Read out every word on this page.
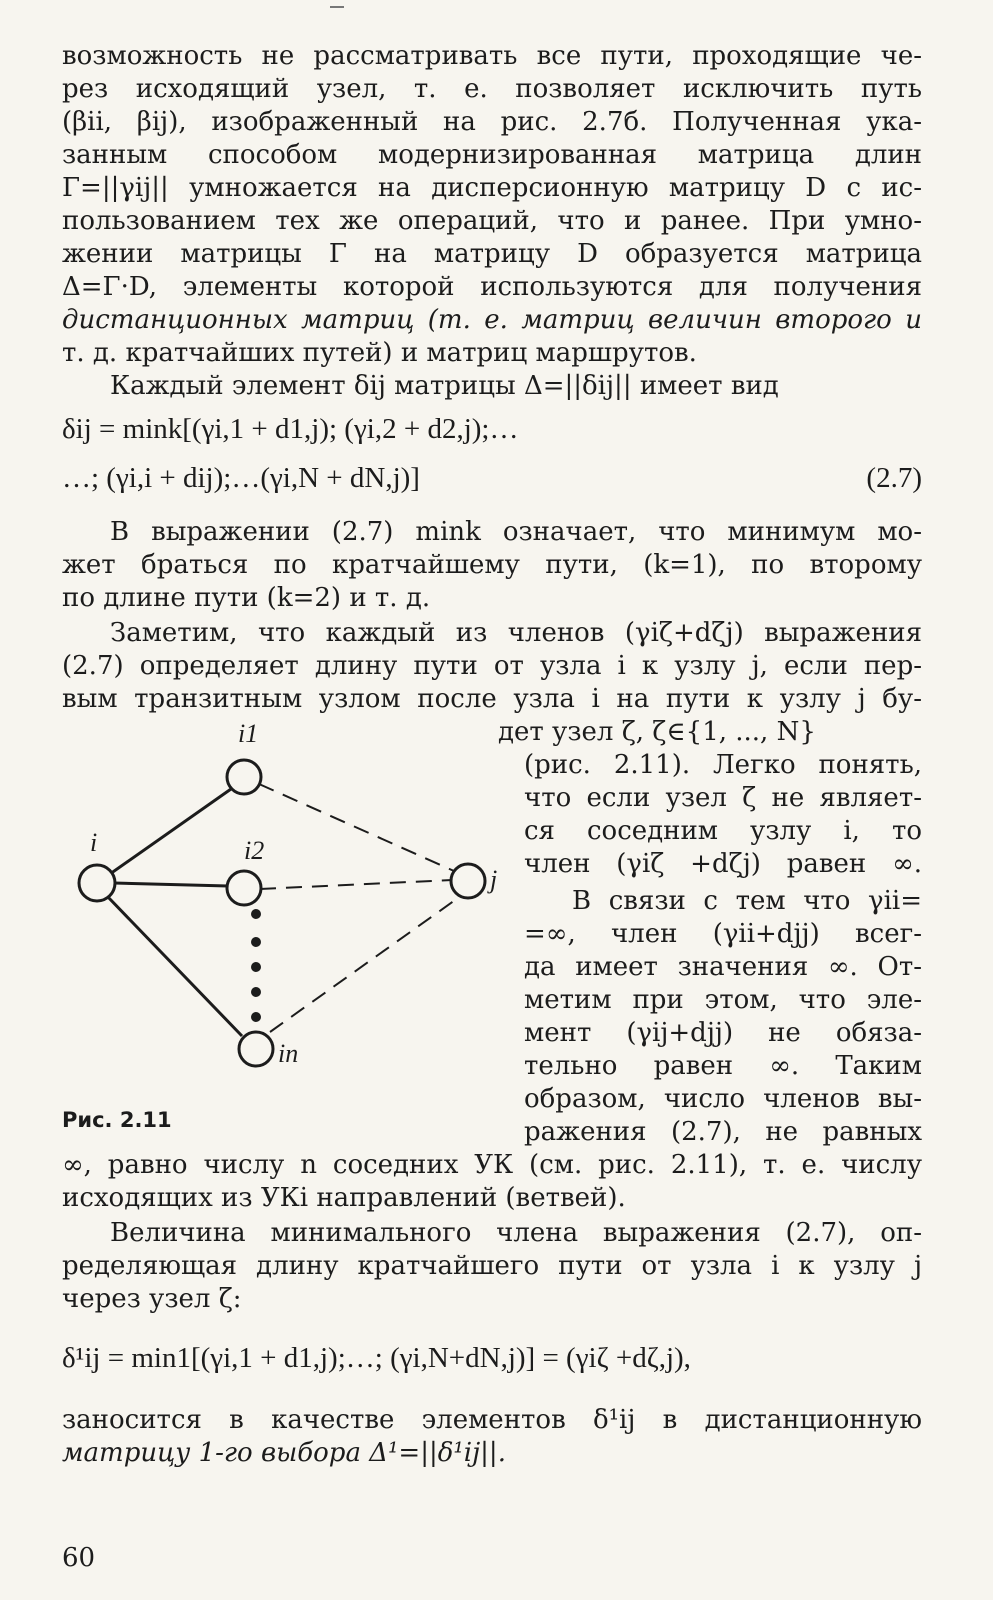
возможность не рассматривать все пути, проходящие че-
рез исходящий узел, т. е. позволяет исключить путь
(βii, βij), изображенный на рис. 2.7б. Полученная ука-
занным способом модернизированная матрица длин
Γ=||γij|| умножается на дисперсионную матрицу D с ис-
пользованием тех же операций, что и ранее. При умно-
жении матрицы Γ на матрицу D образуется матрица
Δ=Γ·D, элементы которой используются для получения
дистанционных матриц (т. е. матриц величин второго и
т. д. кратчайших путей) и матриц маршрутов.
Каждый элемент δij матрицы Δ=||δij|| имеет вид
δij = mink[(γi,1 + d1,j); (γi,2 + d2,j);…
…; (γi,i + dij);…(γi,N + dN,j)]	(2.7)
В выражении (2.7) mink означает, что минимум мо-
жет браться по кратчайшему пути, (k=1), по второму
по длине пути (k=2) и т. д.
Заметим, что каждый из членов (γiζ+dζj) выражения
(2.7) определяет длину пути от узла i к узлу j, если пер-
вым транзитным узлом после узла i на пути к узлу j бу-
дет узел ζ, ζ∈{1, ..., N}
(рис. 2.11). Легко понять,
что если узел ζ не являет-
ся соседним узлу i, то
член (γiζ +dζj) равен ∞.
В связи с тем что γii=
=∞, член (γii+djj) всег-
да имеет значения ∞. От-
метим при этом, что эле-
мент (γij+djj) не обяза-
тельно равен ∞. Таким
образом, число членов вы-
ражения (2.7), не равных
∞, равно числу n соседних УК (см. рис. 2.11), т. е. числу
исходящих из УКi направлений (ветвей).
Величина минимального члена выражения (2.7), оп-
ределяющая длину кратчайшего пути от узла i к узлу j
через узел ζ:
δ¹ij = min1[(γi,1 + d1,j);…; (γi,N+dN,j)] = (γiζ +dζ,j),
заносится в качестве элементов δ¹ij в дистанционную
матрицу 1-го выбора Δ¹=||δ¹ij||.
i1
i	i2
j
in
Рис. 2.11
60
